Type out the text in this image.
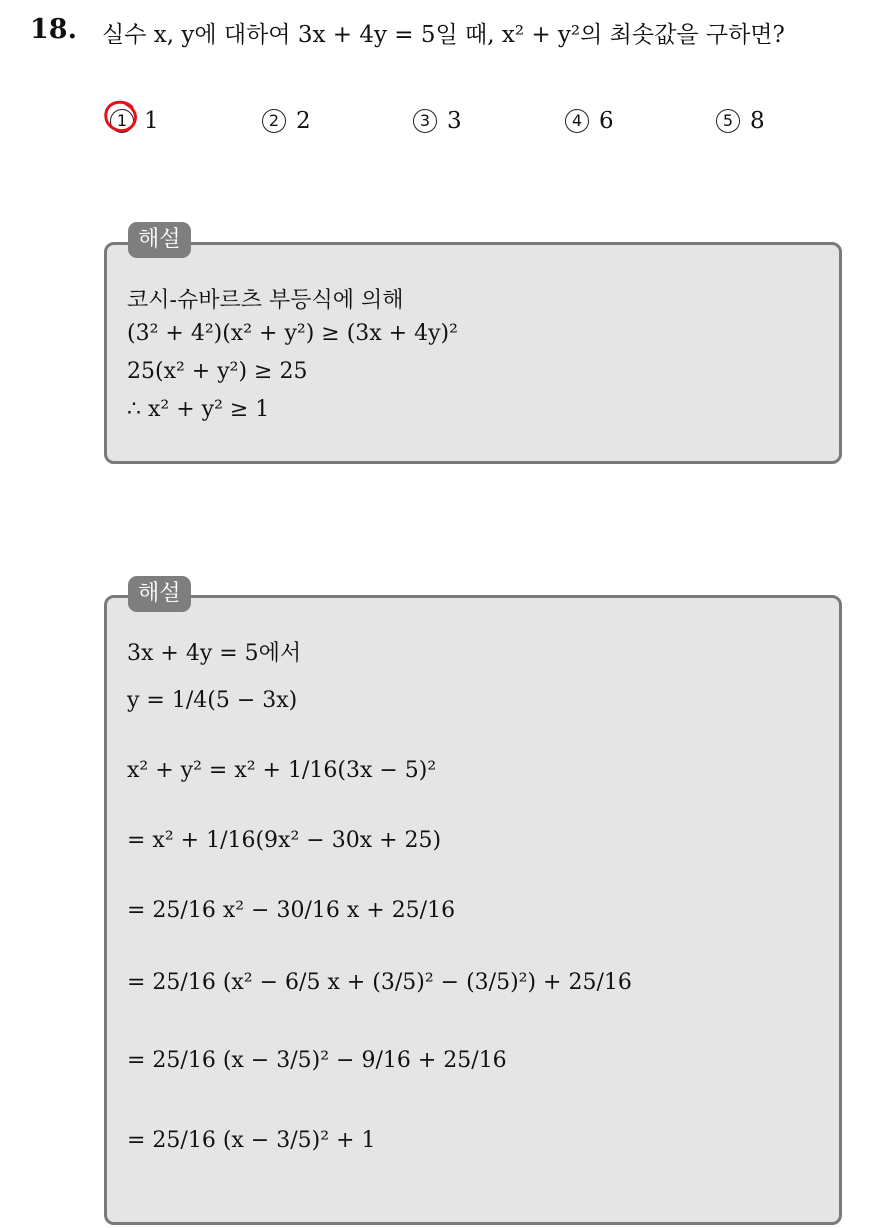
18. 실수 x, y에 대하여 3x + 4y = 5일 때, x² + y²의 최솟값을 구하면?
1 1	2 2	3 3	4 6	5 8
코시-슈바르츠 부등식에 의해
(3² + 4²)(x² + y²) ≥ (3x + 4y)²
25(x² + y²) ≥ 25
∴ x² + y² ≥ 1
해설
3x + 4y = 5에서
y = 1/4(5 − 3x)
x² + y² = x² + 1/16(3x − 5)²
= x² + 1/16(9x² − 30x + 25)
= 25/16 x² − 30/16 x + 25/16
= 25/16 (x² − 6/5 x + (3/5)² − (3/5)²) + 25/16
= 25/16 (x − 3/5)² − 9/16 + 25/16
= 25/16 (x − 3/5)² + 1
해설
